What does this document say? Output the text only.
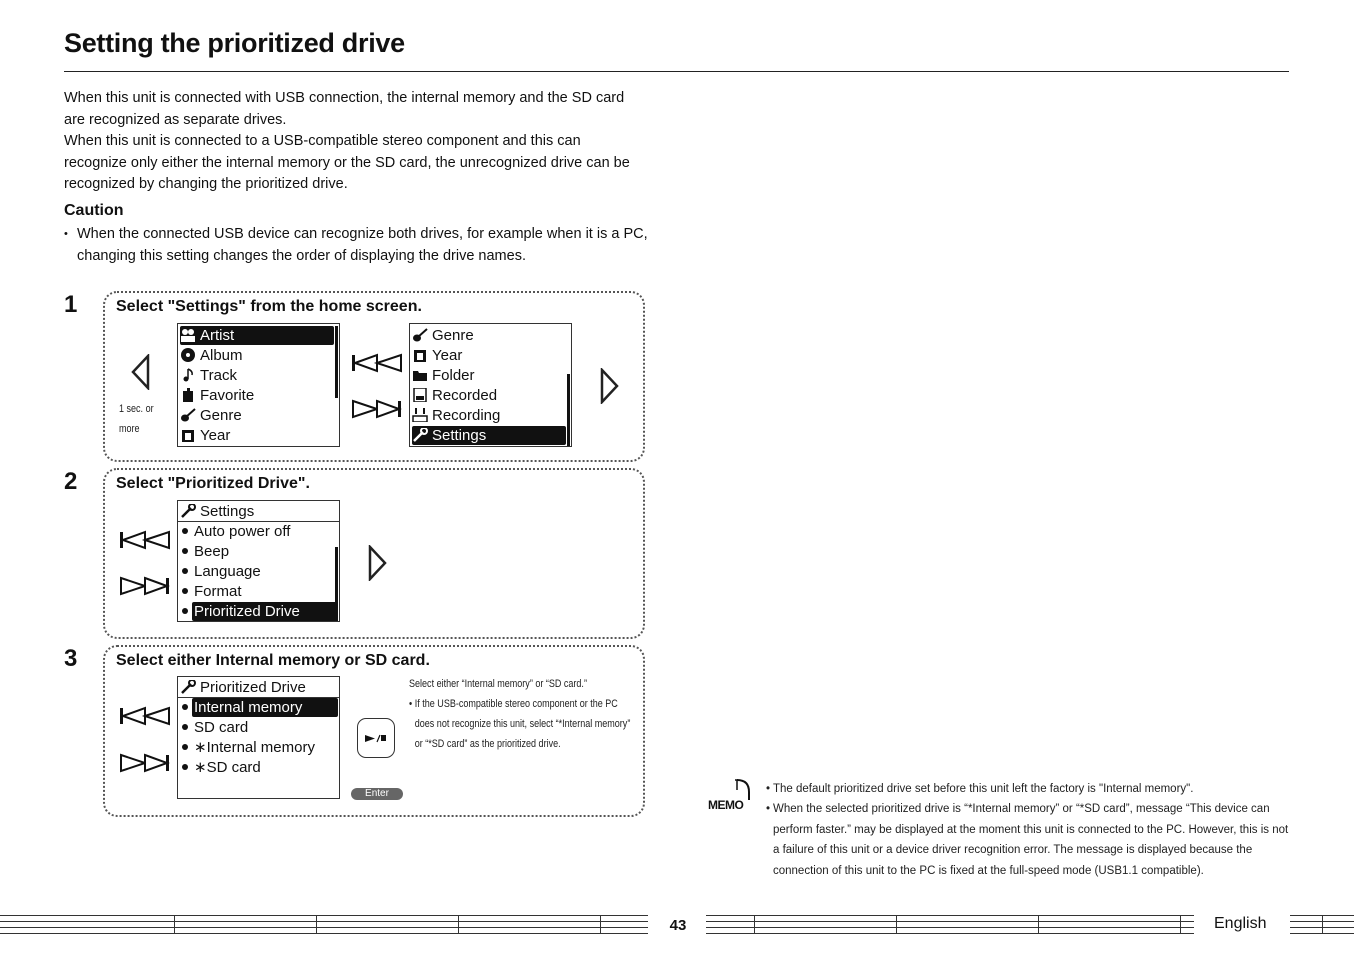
Setting the prioritized drive

When this unit is connected with USB connection, the internal memory and the SD card are recognized as separate drives.

When this unit is connected to a USB-compatible stereo component and this can recognize only either the internal memory or the SD card, the unrecognized drive can be recognized by changing the prioritized drive.

Caution
• When the connected USB device can recognize both drives, for example when it is a PC, changing this setting changes the order of displaying the drive names.
1 Select "Settings" from the home screen.
1 sec. or
more
Artist
Album
Track
Favorite
Genre
Year
Genre
Year
Folder
Recorded
Recording
Settings
2 Select "Prioritized Drive".
Settings
Auto power off
Beep
Language
Format
Prioritized Drive
3 Select either Internal memory or SD card.
Prioritized Drive
Internal memory
SD card
∗Internal memory
∗SD card
Enter
Select either “Internal memory” or “SD card.”
• If the USB-compatible stereo component or the PC does not recognize this unit, select “*Internal memory” or “*SD card” as the prioritized drive.
MEMO
• The default prioritized drive set before this unit left the factory is "Internal memory".
• When the selected prioritized drive is “*Internal memory” or “*SD card”, message “This device can perform faster.” may be displayed at the moment this unit is connected to the PC. However, this is not a failure of this unit or a device driver recognition error. The message is displayed because the connection of this unit to the PC is fixed at the full-speed mode (USB1.1 compatible).
43	English
